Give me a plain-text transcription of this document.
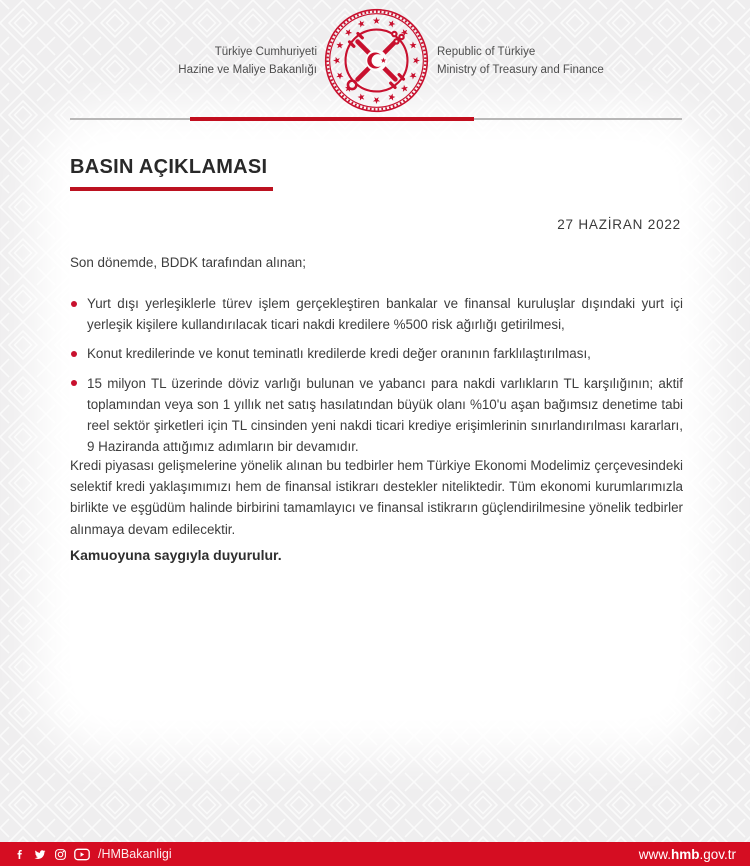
Türkiye Cumhuriyeti
Hazine ve Maliye Bakanlığı
Republic of Türkiye
Ministry of Treasury and Finance
BASIN AÇIKLAMASI
27 HAZİRAN 2022

Son dönemde, BDDK tarafından alınan;

Yurt dışı yerleşiklerle türev işlem gerçekleştiren bankalar ve finansal kuruluşlar dışındaki yurt içi yerleşik kişilere kullandırılacak ticari nakdi kredilere %500 risk ağırlığı getirilmesi,
Konut kredilerinde ve konut teminatlı kredilerde kredi değer oranının farklılaştırılması,
15 milyon TL üzerinde döviz varlığı bulunan ve yabancı para nakdi varlıkların TL karşılığının; aktif toplamından veya son 1 yıllık net satış hasılatından büyük olanı %10'u aşan bağımsız denetime tabi reel sektör şirketleri için TL cinsinden yeni nakdi ticari krediye erişimlerinin sınırlandırılması kararları, 9 Haziranda attığımız adımların bir devamıdır.

Kredi piyasası gelişmelerine yönelik alınan bu tedbirler hem Türkiye Ekonomi Modelimiz çerçevesindeki selektif kredi yaklaşımımızı hem de finansal istikrarı destekler niteliktedir. Tüm ekonomi kurumlarımızla birlikte ve eşgüdüm halinde birbirini tamamlayıcı ve finansal istikrarın güçlendirilmesine yönelik tedbirler alınmaya devam edilecektir.

Kamuoyuna saygıyla duyurulur.

/HMBakanligi	www.hmb.gov.tr
